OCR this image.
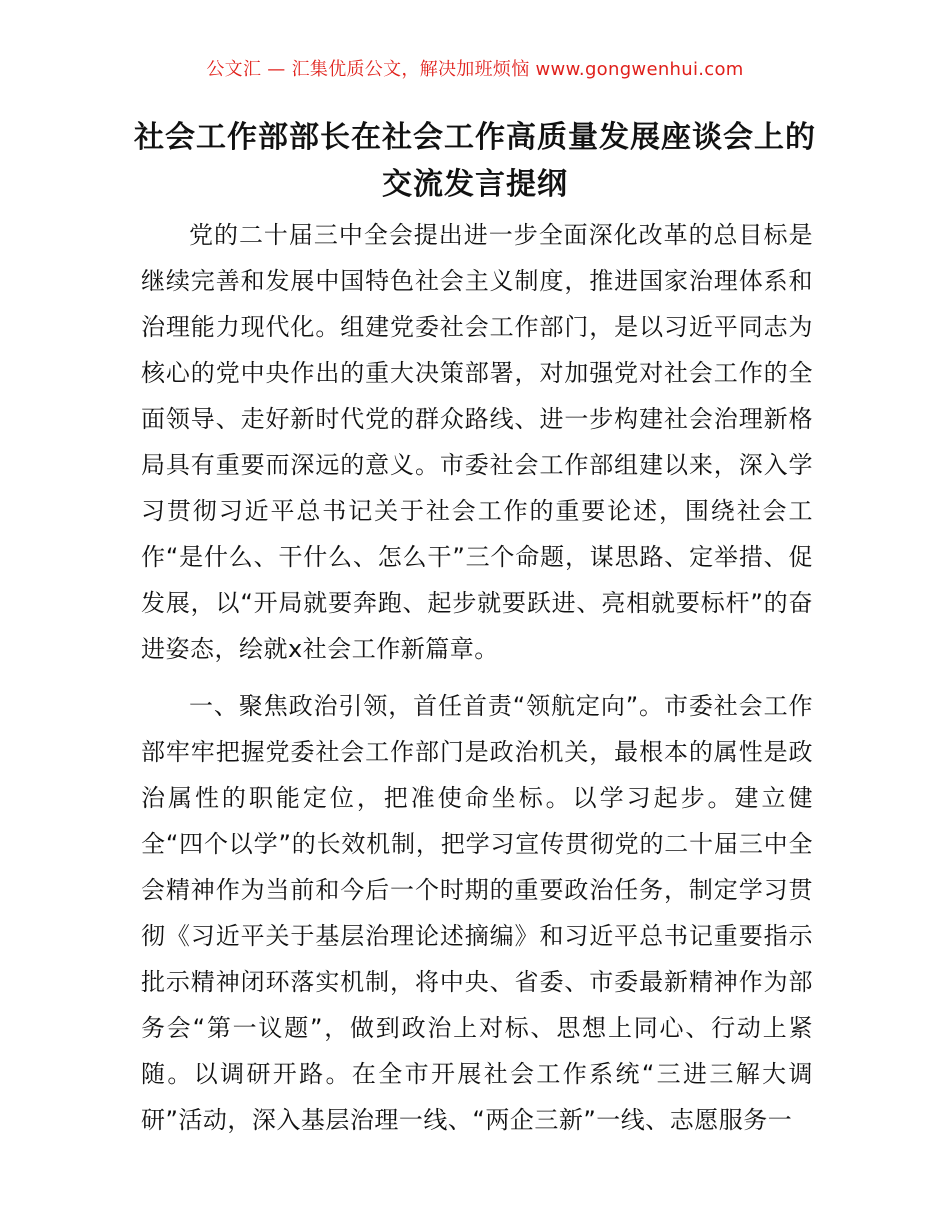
公文汇 — 汇集优质公文，解决加班烦恼 www.gongwenhui.com
社会工作部部长在社会工作高质量发展座谈会上的交流发言提纲

党的二十届三中全会提出进一步全面深化改革的总目标是继续完善和发展中国特色社会主义制度，推进国家治理体系和治理能力现代化。组建党委社会工作部门，是以习近平同志为核心的党中央作出的重大决策部署，对加强党对社会工作的全面领导、走好新时代党的群众路线、进一步构建社会治理新格局具有重要而深远的意义。市委社会工作部组建以来，深入学习贯彻习近平总书记关于社会工作的重要论述，围绕社会工作“是什么、干什么、怎么干”三个命题，谋思路、定举措、促发展，以“开局就要奔跑、起步就要跃进、亮相就要标杆”的奋进姿态，绘就x社会工作新篇章。

一、聚焦政治引领，首任首责“领航定向”。市委社会工作部牢牢把握党委社会工作部门是政治机关，最根本的属性是政治属性的职能定位，把准使命坐标。以学习起步。建立健全“四个以学”的长效机制，把学习宣传贯彻党的二十届三中全会精神作为当前和今后一个时期的重要政治任务，制定学习贯彻《习近平关于基层治理论述摘编》和习近平总书记重要指示批示精神闭环落实机制，将中央、省委、市委最新精神作为部务会“第一议题”，做到政治上对标、思想上同心、行动上紧随。以调研开路。在全市开展社会工作系统“三进三解大调研”活动，深入基层治理一线、“两企三新”一线、志愿服务一
